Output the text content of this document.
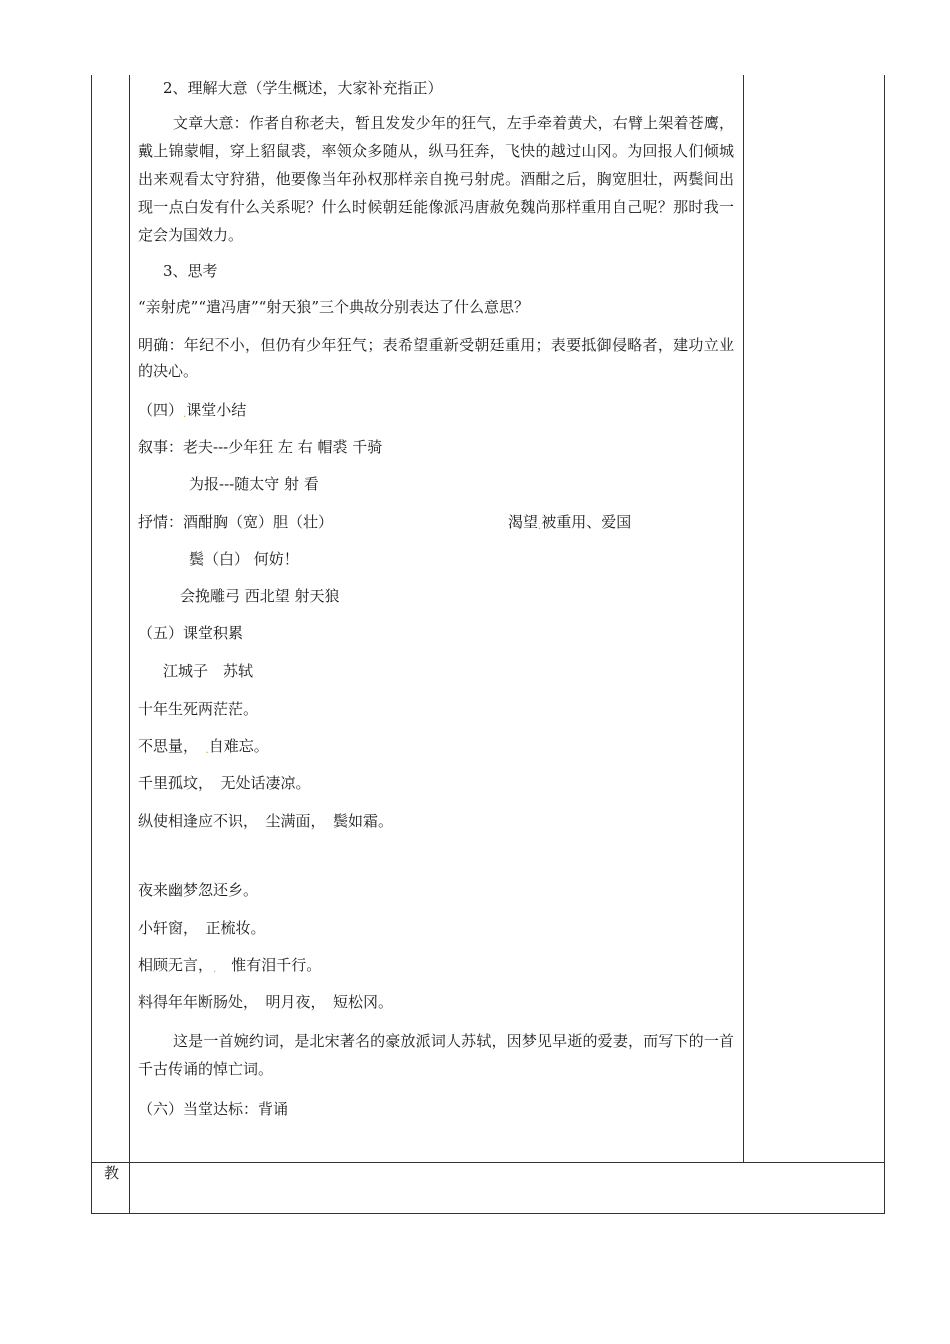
2、理解大意（学生概述，大家补充指正）
文章大意：作者自称老夫，暂且发发少年的狂气，左手牵着黄犬，右臂上架着苍鹰，戴上锦蒙帽，穿上貂鼠裘，率领众多随从，纵马狂奔，飞快的越过山冈。为回报人们倾城出来观看太守狩猎，他要像当年孙权那样亲自挽弓射虎。酒酣之后，胸宽胆壮，两鬓间出现一点白发有什么关系呢？什么时候朝廷能像派冯唐赦免魏尚那样重用自己呢？那时我一定会为国效力。
3、思考
“亲射虎”“遣冯唐”“射天狼”三个典故分别表达了什么意思？
明确：年纪不小，但仍有少年狂气；表希望重新受朝廷重用；表要抵御侵略者，建功立业的决心。
（四）.课堂小结
叙事：老夫---少年狂 左 右 帽裘 千骑
为报---随太守 射 看
抒情：酒酣胸（宽）胆（壮）	渴望.被重用、爱国
鬓（白） 何妨！
会挽雕弓 西北望 射天狼
（五）课堂积累
江城子　苏轼
十年生死两茫茫。
不思量，　 .自难忘。
千里孤坟，　无处话凄凉。
纵使相逢应不识，　尘满面，　鬓如霜。
夜来幽梦忽还乡。
小轩窗，　正梳妆。
相顾无言，.　 惟有泪千行。
料得年年断肠处，　明月夜，　短松冈。
这是一首婉约词，是北宋著名的豪放派词人苏轼，因梦见早逝的爱妻，而写下的一首千古传诵的悼亡词。
（六）当堂达标：背诵
教
